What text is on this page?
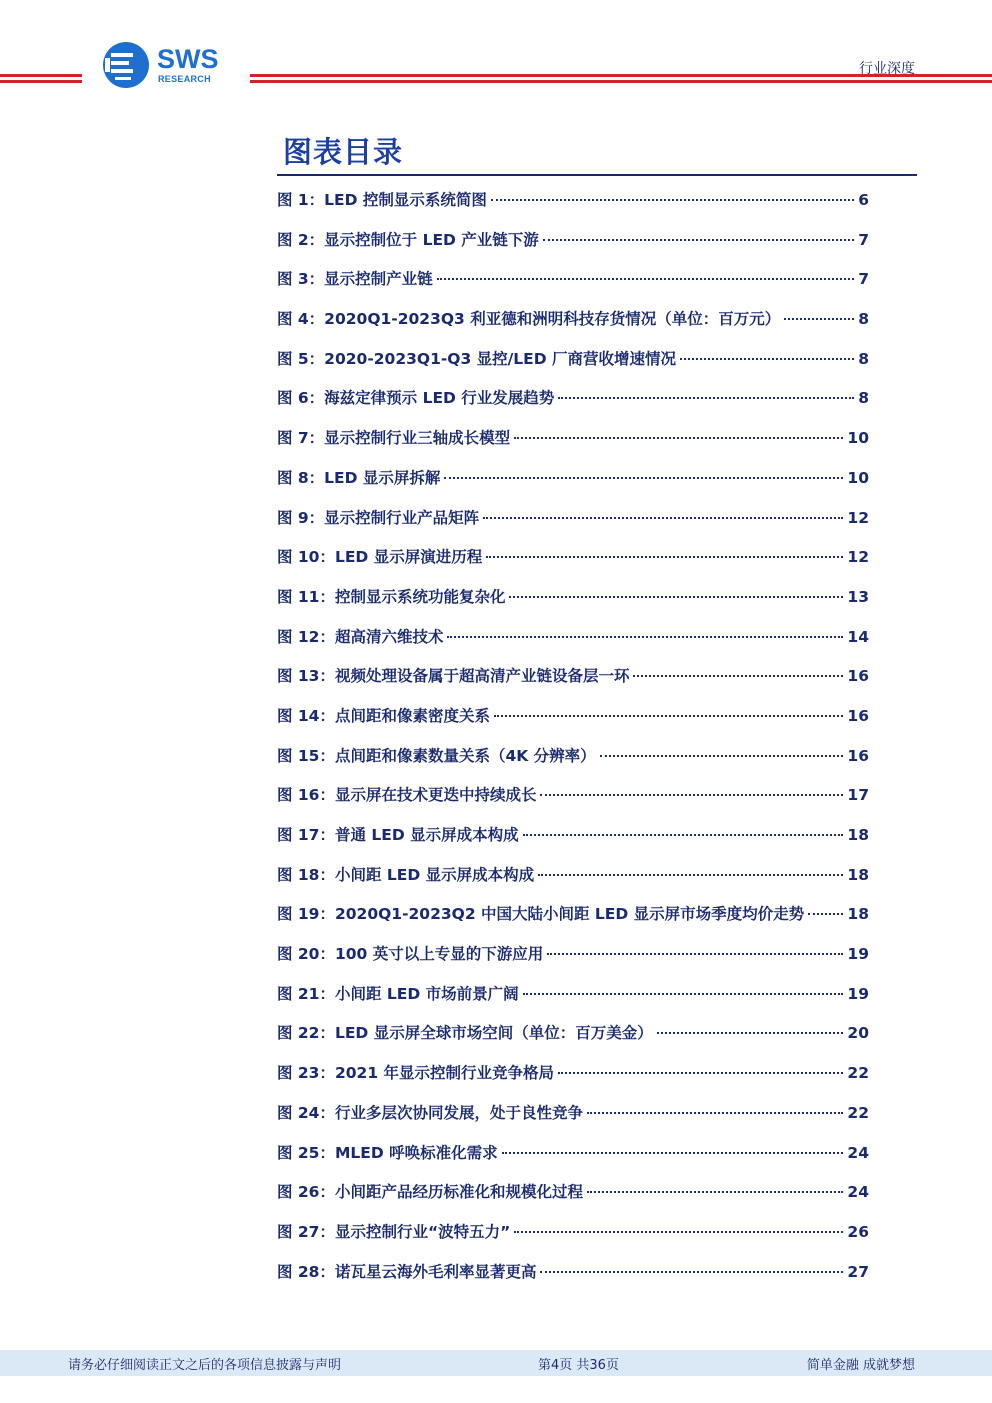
SWS
RESEARCH
行业深度
图表目录
图 1：LED 控制显示系统简图	6
图 2：显示控制位于 LED 产业链下游	7
图 3：显示控制产业链	7
图 4：2020Q1-2023Q3 利亚德和洲明科技存货情况（单位：百万元）	8
图 5：2020-2023Q1-Q3 显控/LED 厂商营收增速情况	8
图 6：海兹定律预示 LED 行业发展趋势	8
图 7：显示控制行业三轴成长模型	10
图 8：LED 显示屏拆解	10
图 9：显示控制行业产品矩阵	12
图 10：LED 显示屏演进历程	12
图 11：控制显示系统功能复杂化	13
图 12：超高清六维技术	14
图 13：视频处理设备属于超高清产业链设备层一环	16
图 14：点间距和像素密度关系	16
图 15：点间距和像素数量关系（4K 分辨率）	16
图 16：显示屏在技术更迭中持续成长	17
图 17：普通 LED 显示屏成本构成	18
图 18：小间距 LED 显示屏成本构成	18
图 19：2020Q1-2023Q2 中国大陆小间距 LED 显示屏市场季度均价走势	18
图 20：100 英寸以上专显的下游应用	19
图 21：小间距 LED 市场前景广阔	19
图 22：LED 显示屏全球市场空间（单位：百万美金）	20
图 23：2021 年显示控制行业竞争格局	22
图 24：行业多层次协同发展，处于良性竞争	22
图 25：MLED 呼唤标准化需求	24
图 26：小间距产品经历标准化和规模化过程	24
图 27：显示控制行业“波特五力”	26
图 28：诺瓦星云海外毛利率显著更高	27
请务必仔细阅读正文之后的各项信息披露与声明	第4页 共36页	简单金融 成就梦想
